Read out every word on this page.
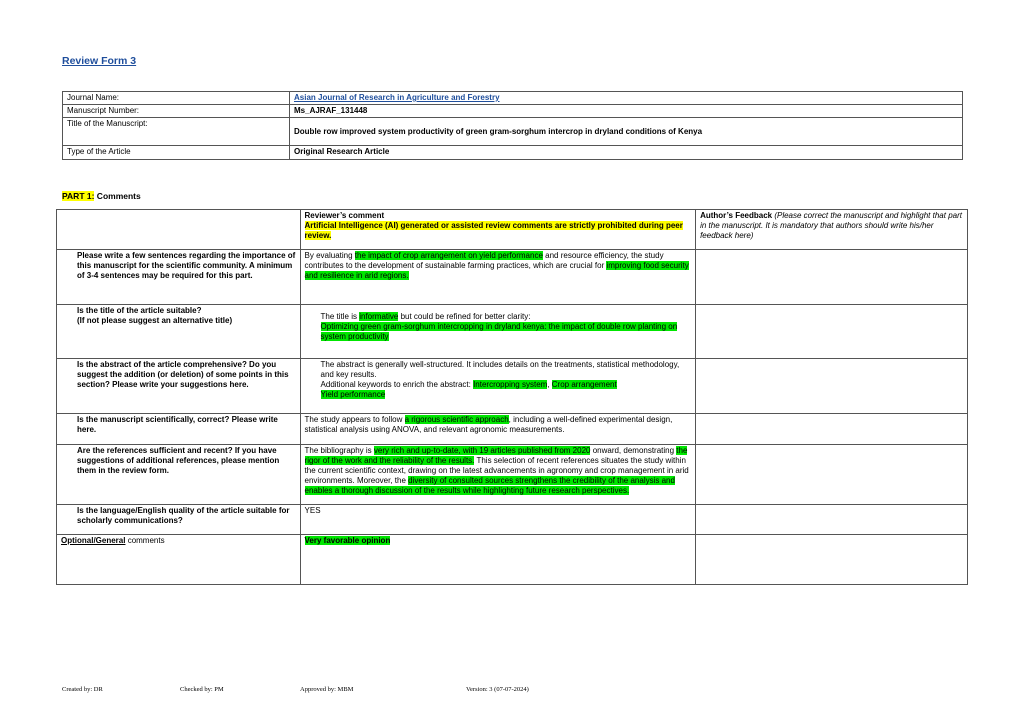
Review Form 3
Journal Name:	Asian Journal of Research in Agriculture and Forestry
Manuscript Number:	Ms_AJRAF_131448
Title of the Manuscript:	Double row improved system productivity of green gram-sorghum intercrop in dryland conditions of Kenya
Type of the Article	Original Research Article
PART 1: Comments
	Reviewer’s comment
Artificial Intelligence (AI) generated or assisted review comments are strictly prohibited during peer review.	Author’s Feedback (Please correct the manuscript and highlight that part in the manuscript. It is mandatory that authors should write his/her feedback here)
Please write a few sentences regarding the importance of this manuscript for the scientific community. A minimum of 3-4 sentences may be required for this part.	By evaluating the impact of crop arrangement on yield performance and resource efficiency, the study contributes to the development of sustainable farming practices, which are crucial for improving food security and resilience in arid regions.	
Is the title of the article suitable?
(If not please suggest an alternative title)	The title is informative but could be refined for better clarity:
Optimizing green gram-sorghum intercropping in dryland kenya: the impact of double row planting on system productivity	

Is the abstract of the article comprehensive? Do you suggest the addition (or deletion) of some points in this section? Please write your suggestions here.	The abstract is generally well-structured. It includes details on the treatments, statistical methodology, and key results.
Additional keywords to enrich the abstract: Intercropping system, Crop arrangement
Yield performance	

Is the manuscript scientifically, correct? Please write here.	The study appears to follow a rigorous scientific approach, including a well-defined experimental design, statistical analysis using ANOVA, and relevant agronomic measurements.	
Are the references sufficient and recent? If you have suggestions of additional references, please mention them in the review form.	The bibliography is very rich and up-to-date, with 19 articles published from 2020 onward, demonstrating the rigor of the work and the reliability of the results. This selection of recent references situates the study within the current scientific context, drawing on the latest advancements in agronomy and crop management in arid environments. Moreover, the diversity of consulted sources strengthens the credibility of the analysis and enables a thorough discussion of the results while highlighting future research perspectives.	
Is the language/English quality of the article suitable for scholarly communications?	YES	
Optional/General comments	Very favorable opinion	
Created by: DR	Checked by: PM	Approved by: MBM	Version: 3 (07-07-2024)
